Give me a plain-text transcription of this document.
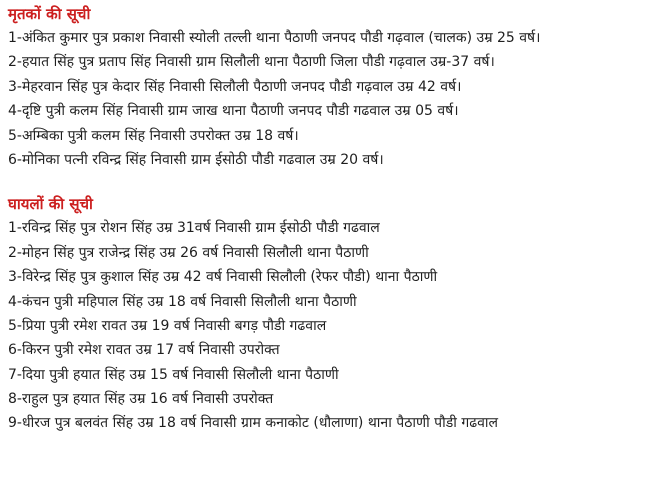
मृतकों की सूची
1-अंकित कुमार पुत्र प्रकाश निवासी स्योली तल्ली थाना पैठाणी जनपद पौडी गढ़वाल (चालक) उम्र 25 वर्ष।
2-हयात सिंह पुत्र प्रताप सिंह निवासी ग्राम सिलौली थाना पैठाणी जिला पौडी गढ़वाल उम्र-37 वर्ष।
3-मेहरवान सिंह पुत्र केदार सिंह निवासी सिलौली पैठाणी जनपद पौडी गढ़वाल उम्र 42 वर्ष।
4-दृष्टि पुत्री कलम सिंह निवासी ग्राम जाख थाना पैठाणी जनपद पौडी गढवाल उम्र 05 वर्ष।
5-अम्बिका पुत्री कलम सिंह निवासी उपरोक्त उम्र 18 वर्ष।
6-मोनिका पत्नी रविन्द्र सिंह निवासी ग्राम ईसोठी पौडी गढवाल उम्र 20 वर्ष।
घायलों की सूची
1-रविन्द्र सिंह पुत्र रोशन सिंह उम्र 31वर्ष निवासी ग्राम ईसोठी पौडी गढवाल
2-मोहन सिंह पुत्र राजेन्द्र सिंह उम्र 26 वर्ष निवासी सिलौली थाना पैठाणी
3-विरेन्द्र सिंह पुत्र कुशाल सिंह उम्र 42 वर्ष निवासी सिलौली (रेफर पौडी) थाना पैठाणी
4-कंचन पुत्री महिपाल सिंह उम्र 18 वर्ष निवासी सिलौली थाना पैठाणी
5-प्रिया पुत्री रमेश रावत उम्र 19 वर्ष निवासी बगड़ पौडी गढवाल
6-किरन पुत्री रमेश रावत उम्र 17 वर्ष निवासी उपरोक्त
7-दिया पुत्री हयात सिंह उम्र 15 वर्ष निवासी सिलौली थाना पैठाणी
8-राहुल पुत्र हयात सिंह उम्र 16 वर्ष निवासी उपरोक्त
9-धीरज पुत्र बलवंत सिंह उम्र 18 वर्ष निवासी ग्राम कनाकोट (धौलाणा) थाना पैठाणी पौडी गढवाल
